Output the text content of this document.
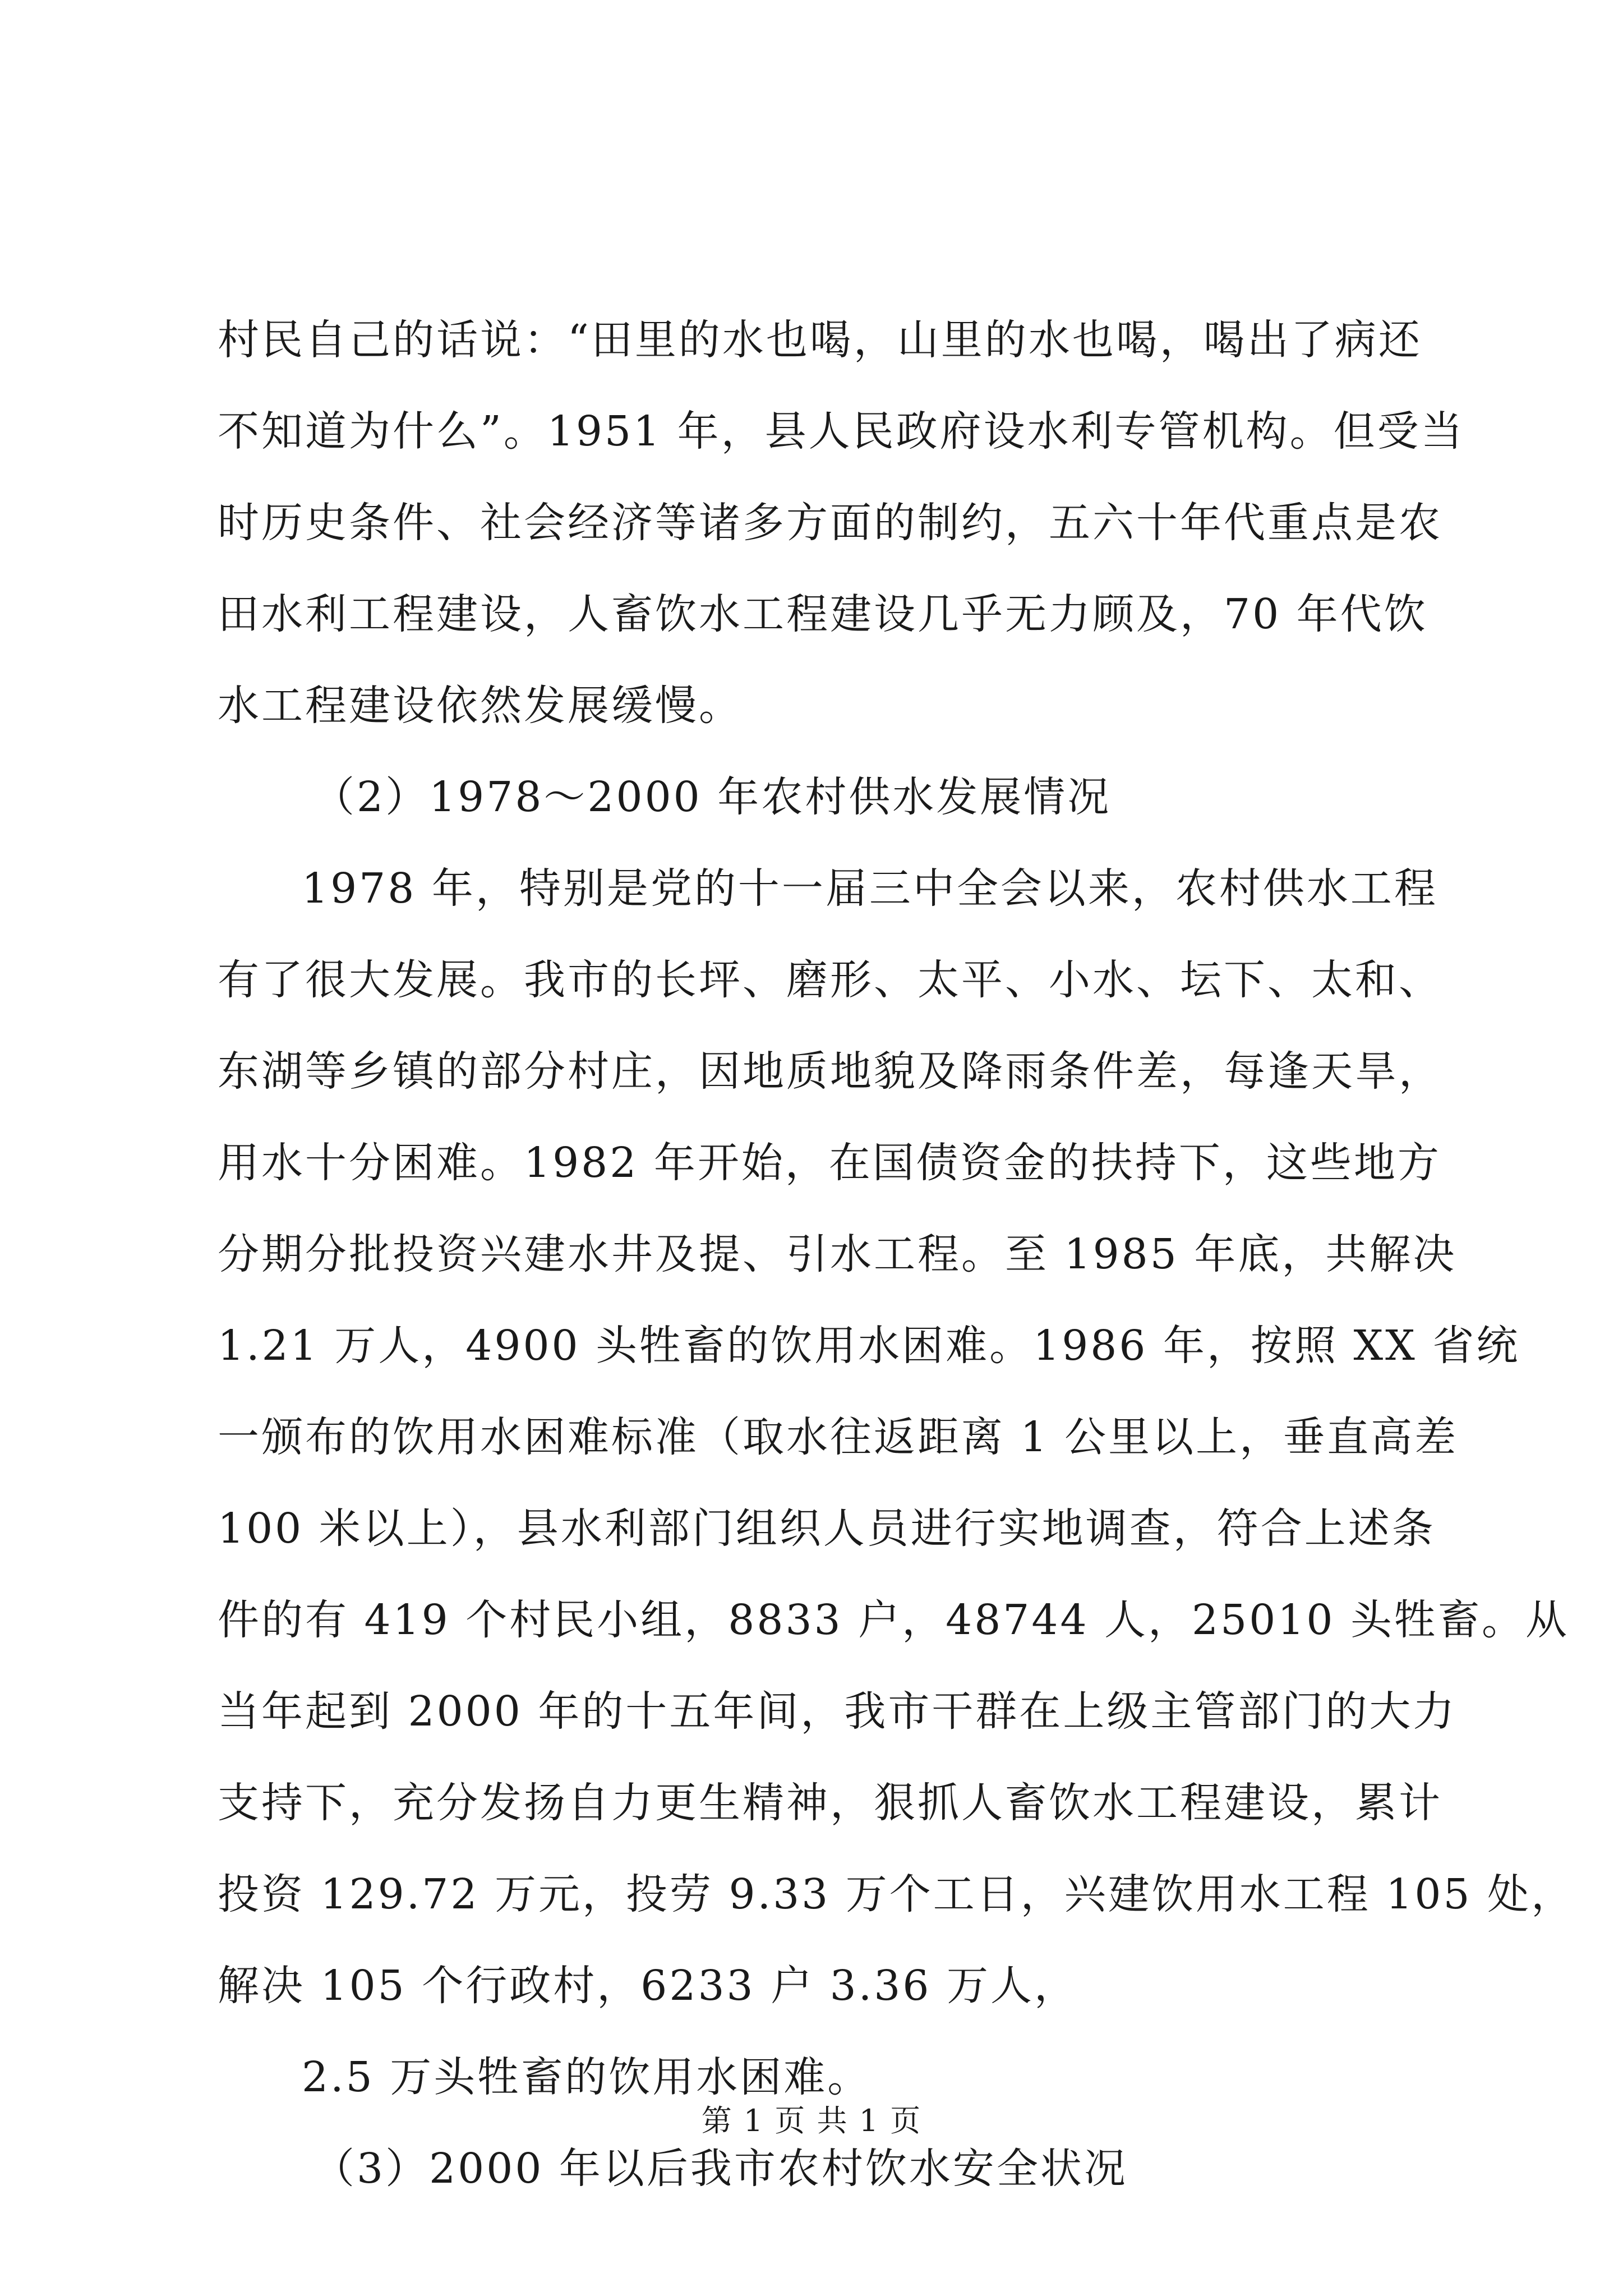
村民自己的话说：“田里的水也喝，山里的水也喝，喝出了病还
不知道为什么”。1951 年，县人民政府设水利专管机构。但受当
时历史条件、社会经济等诸多方面的制约，五六十年代重点是农
田水利工程建设，人畜饮水工程建设几乎无力顾及，70 年代饮
水工程建设依然发展缓慢。
（2）1978～2000 年农村供水发展情况
1978 年，特别是党的十一届三中全会以来，农村供水工程
有了很大发展。我市的长坪、磨形、太平、小水、坛下、太和、
东湖等乡镇的部分村庄，因地质地貌及降雨条件差，每逢天旱，
用水十分困难。1982 年开始，在国债资金的扶持下，这些地方
分期分批投资兴建水井及提、引水工程。至 1985 年底，共解决
1.21 万人，4900 头牲畜的饮用水困难。1986 年，按照 XX 省统
一颁布的饮用水困难标准（取水往返距离 1 公里以上，垂直高差
100 米以上），县水利部门组织人员进行实地调查，符合上述条
件的有 419 个村民小组，8833 户，48744 人，25010 头牲畜。从
当年起到 2000 年的十五年间，我市干群在上级主管部门的大力
支持下，充分发扬自力更生精神，狠抓人畜饮水工程建设，累计
投资 129.72 万元，投劳 9.33 万个工日，兴建饮用水工程 105 处，
解决 105 个行政村，6233 户 3.36 万人，
2.5 万头牲畜的饮用水困难。
（3）2000 年以后我市农村饮水安全状况
第 1 页 共 1 页
